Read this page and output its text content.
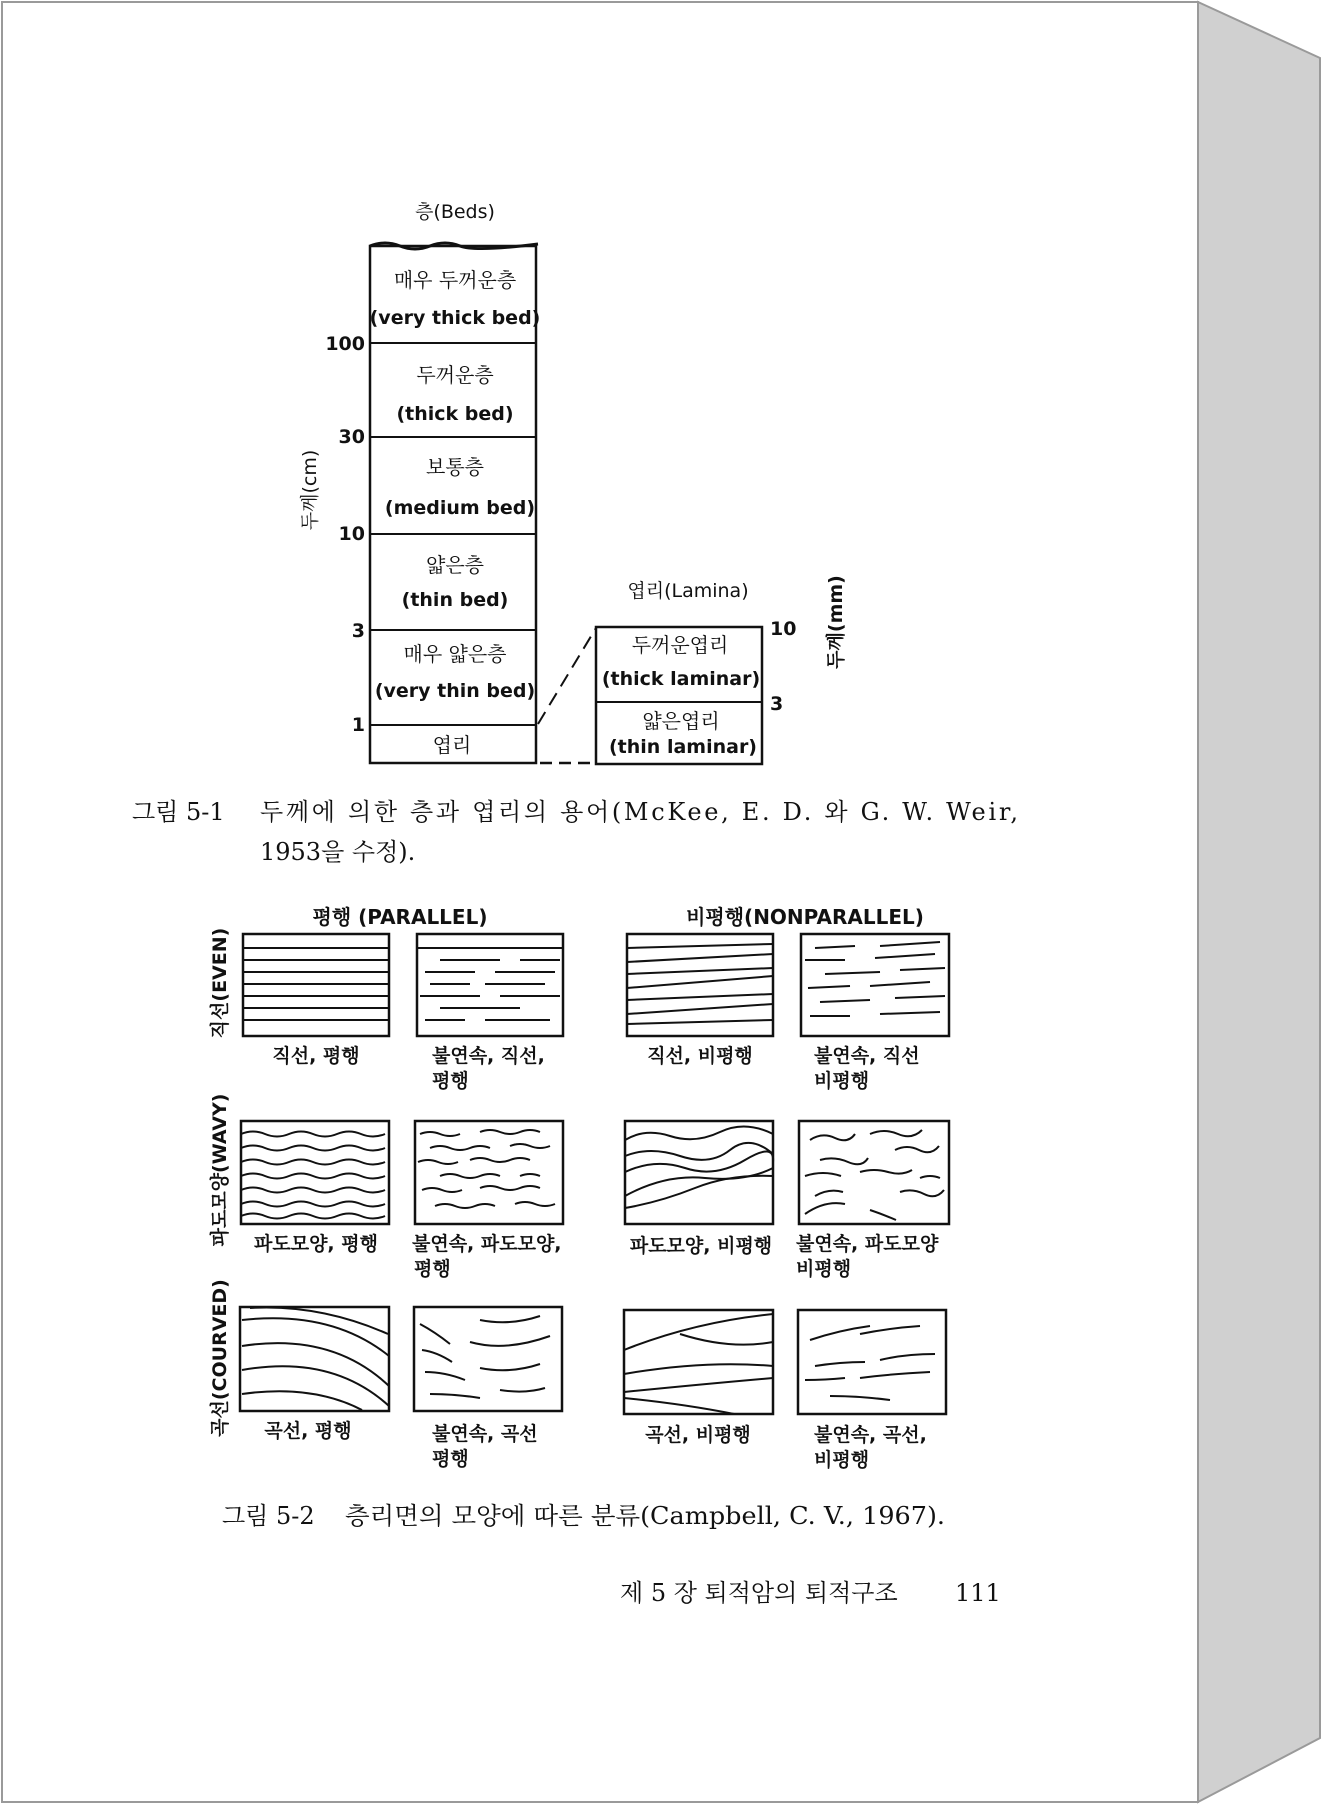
층(Beds)
매우 두꺼운층
(very thick bed)
두꺼운층
(thick bed)
보통층
(medium bed)
얇은층
(thin bed)
매우 얇은층
(very thin bed)
엽리
100
30
10
3
1
두께(cm)
엽리(Lamina)
두꺼운엽리
(thick laminar)
얇은엽리
(thin laminar)
10
3
두께(mm)
그림 5-1 두께에 의한 층과 엽리의 용어(McKee, E. D. 와 G. W. Weir,
1953을 수정).
평행 (PARALLEL)	비평행(NONPARALLEL)
직선(EVEN)
파도모양(WAVY)
곡선(COURVED)
직선, 평행	불연속, 직선,
평행
직선, 비평행	불연속, 직선
비평행
파도모양, 평행 불연속, 파도모양,
평행
파도모양, 비평행 불연속, 파도모양
비평행
곡선, 평행	불연속, 곡선
평행
곡선, 비평행	불연속, 곡선,
비평행
그림 5-2 층리면의 모양에 따른 분류(Campbell, C. V., 1967).
제 5 장 퇴적암의 퇴적구조 111
